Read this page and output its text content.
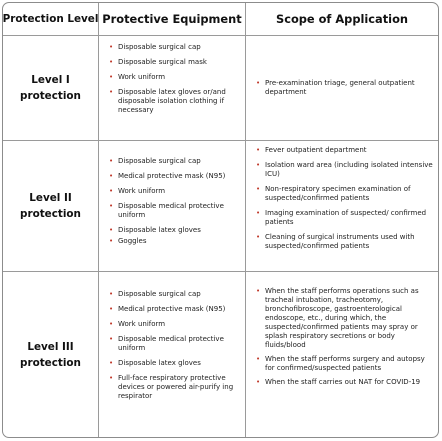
Protection Level Protective Equipment	Scope of Application
Level I protection
• Disposable surgical cap
• Disposable surgical mask
• Work uniform
• Disposable latex gloves or/and disposable isolation clothing if necessary
• Pre-examination triage, general outpatient department
Level II protection
• Disposable surgical cap
• Medical protective mask (N95)
• Work uniform
• Disposable medical protective uniform
• Disposable latex gloves
• Goggles
• Fever outpatient department
• Isolation ward area (including isolated intensive ICU)
• Non-respiratory specimen examination of suspected/confirmed patients
• Imaging examination of suspected/ confirmed patients
• Cleaning of surgical instruments used with suspected/confirmed patients
Level III protection
• Disposable surgical cap
• Medical protective mask (N95)
• Work uniform
• Disposable medical protective uniform
• Disposable latex gloves
• Full-face respiratory protective devices or powered air-purify ing respirator
• When the staff performs operations such as tracheal intubation, tracheotomy, bronchofibroscope, gastroenterological endoscope, etc., during which, the suspected/confirmed patients may spray or splash respiratory secretions or body fluids/blood
• When the staff performs surgery and autopsy for confirmed/suspected patients
• When the staff carries out NAT for COVID-19
